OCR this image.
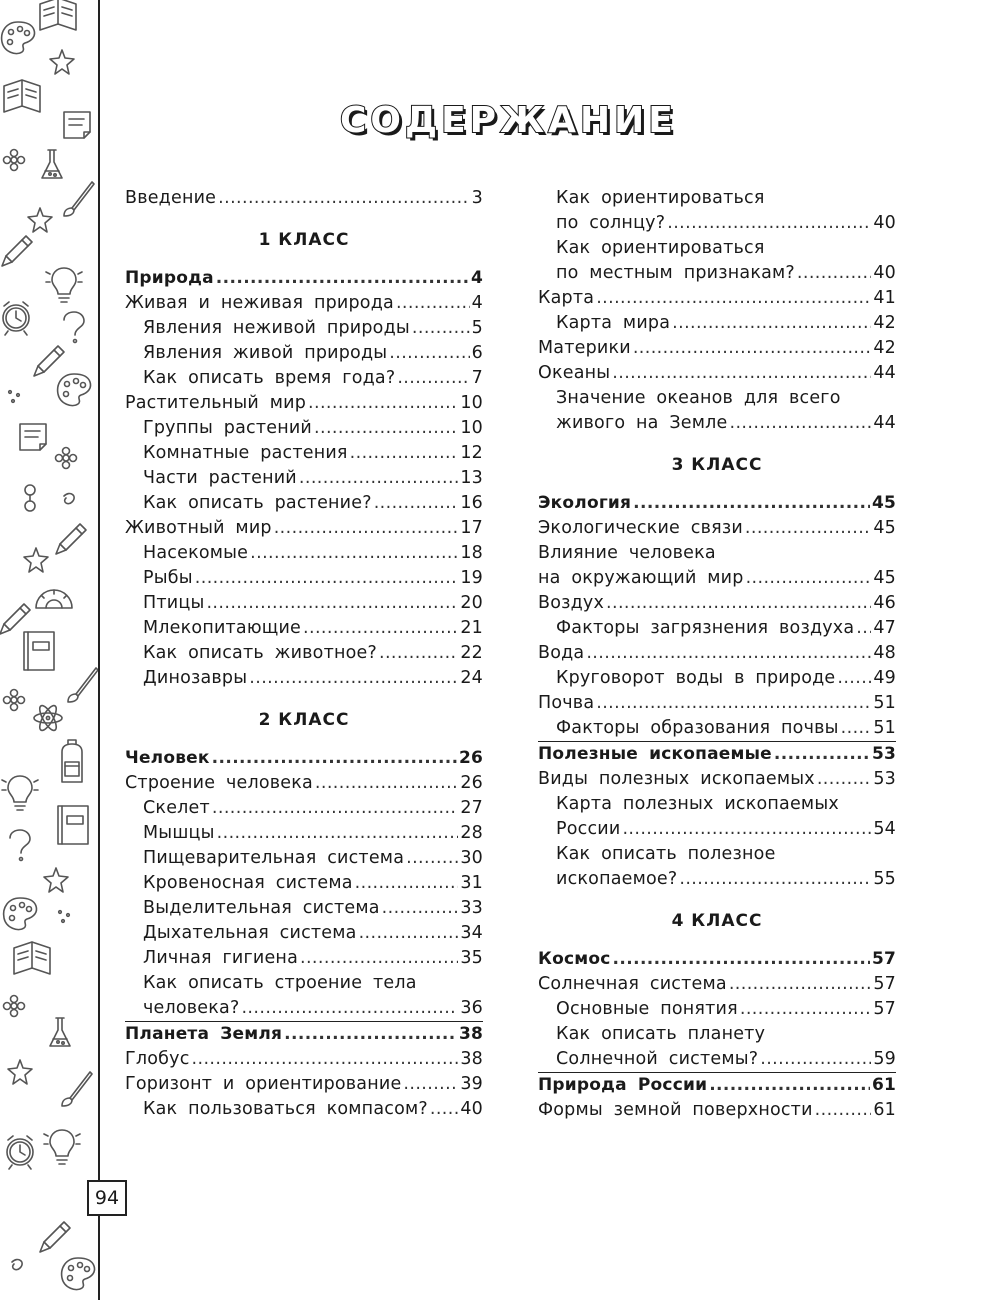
94
СОДЕРЖАНИЕ
Введение .....	3
1 КЛАСС
Природа .....	4
Живая и неживая природа .....	4
Явления неживой природы .....	5
Явления живой природы .....	6
Как описать время года? .....	7
Растительный мир .....	10
Группы растений .....	10
Комнатные растения .....	12
Части растений .....	13
Как описать растение? .....	16
Животный мир .....	17
Насекомые .....	18
Рыбы .....	19
Птицы .....	20
Млекопитающие .....	21
Как описать животное? .....	22
Динозавры .....	24
2 КЛАСС
Человек .....	26
Строение человека .....	26
Скелет .....	27
Мышцы .....	28
Пищеварительная система .....	30
Кровеносная система .....	31
Выделительная система .....	33
Дыхательная система .....	34
Личная гигиена .....	35
Как описать строение тела
человека? .....	36
Планета Земля .....	38
Глобус .....	38
Горизонт и ориентирование .....	39
Как пользоваться компасом? ..... 40
Как ориентироваться
по солнцу? .....	40
Как ориентироваться
по местным признакам? .....	40
Карта .....	41
Карта мира .....	42
Материки .....	42
Океаны .....	44
Значение океанов для всего
живого на Земле .....	44
3 КЛАСС
Экология .....	45
Экологические связи .....	45
Влияние человека
на окружающий мир .....	45
Воздух .....	46
Факторы загрязнения воздуха ..... 47
Вода .....	48
Круговорот воды в природе ..... 49
Почва .....	51
Факторы образования почвы ..... 51
Полезные ископаемые .....	53
Виды полезных ископаемых .....	53
Карта полезных ископаемых
России .....	54
Как описать полезное
ископаемое? .....	55
4 КЛАСС
Космос .....	57
Солнечная система .....	57
Основные понятия .....	57
Как описать планету
Солнечной системы? .....	59
Природа России .....	61
Формы земной поверхности .....	61
